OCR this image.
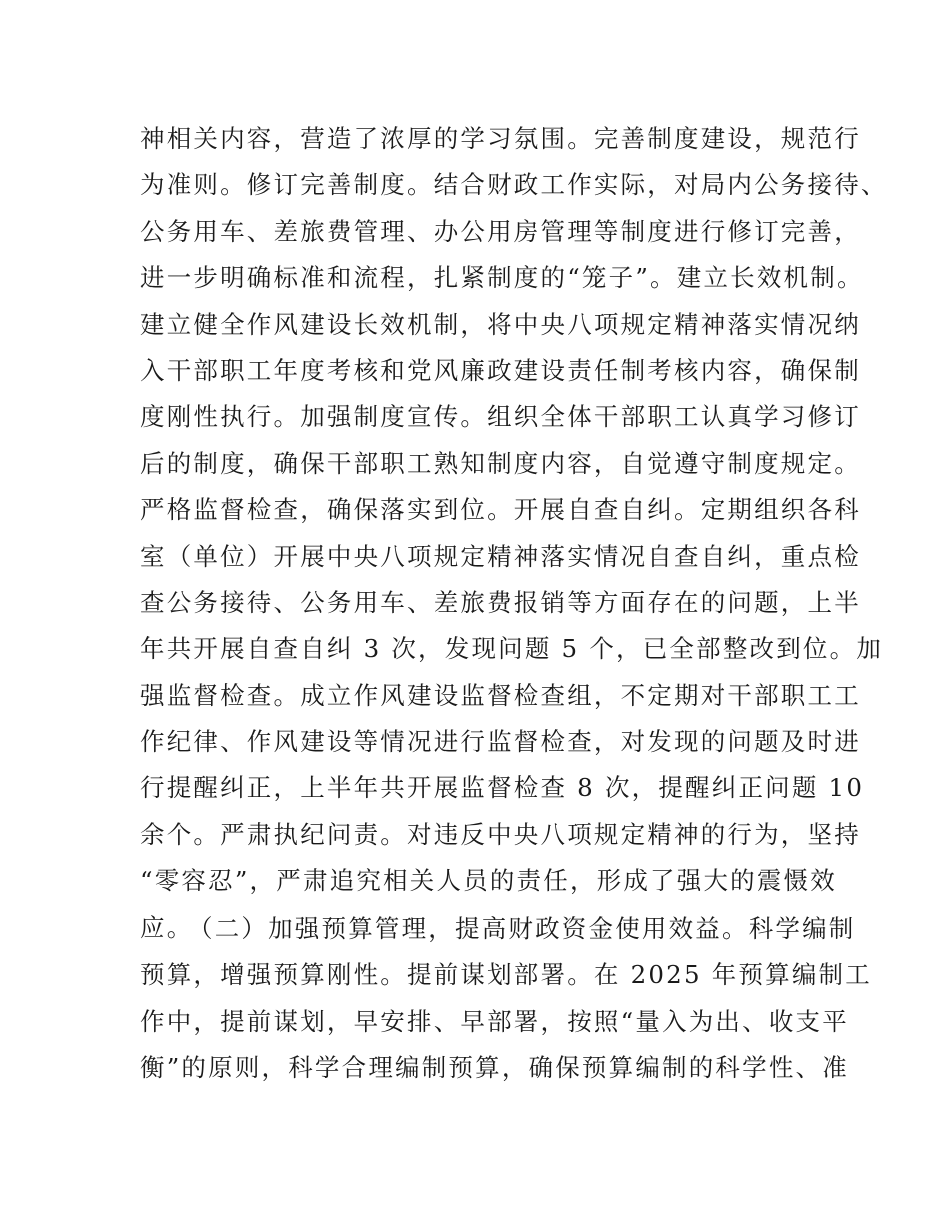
神相关内容，营造了浓厚的学习氛围。完善制度建设，规范行
为准则。修订完善制度。结合财政工作实际，对局内公务接待、
公务用车、差旅费管理、办公用房管理等制度进行修订完善，
进一步明确标准和流程，扎紧制度的“笼子”。建立长效机制。
建立健全作风建设长效机制，将中央八项规定精神落实情况纳
入干部职工年度考核和党风廉政建设责任制考核内容，确保制
度刚性执行。加强制度宣传。组织全体干部职工认真学习修订
后的制度，确保干部职工熟知制度内容，自觉遵守制度规定。
严格监督检查，确保落实到位。开展自查自纠。定期组织各科
室（单位）开展中央八项规定精神落实情况自查自纠，重点检
查公务接待、公务用车、差旅费报销等方面存在的问题，上半
年共开展自查自纠 3 次，发现问题 5 个，已全部整改到位。加
强监督检查。成立作风建设监督检查组，不定期对干部职工工
作纪律、作风建设等情况进行监督检查，对发现的问题及时进
行提醒纠正，上半年共开展监督检查 8 次，提醒纠正问题 10
余个。严肃执纪问责。对违反中央八项规定精神的行为，坚持
“零容忍”，严肃追究相关人员的责任，形成了强大的震慑效
应。
（二）加强预算管理，提高财政资金使用效益。科学编制
预算，增强预算刚性。提前谋划部署。在 2025 年预算编制工
作中，提前谋划，早安排、早部署，按照“量入为出、收支平
衡”的原则，科学合理编制预算，确保预算编制的科学性、准
